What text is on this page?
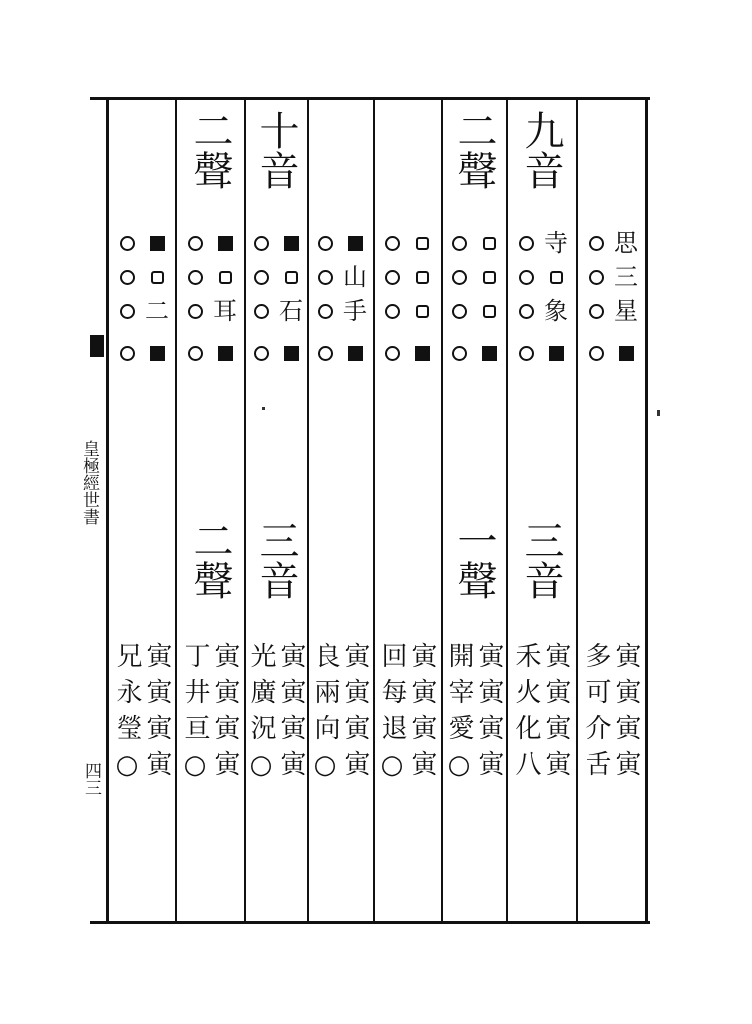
皇極經世書
四三
思
三
星
寅寅寅寅
多可介舌
九音
寺
象
三音
寅寅寅寅
禾火化八
二聲
一聲
寅寅寅寅
開宰愛○
寅寅寅寅
回每退○
山
手
寅寅寅寅
良兩向○
十音
石
三音
寅寅寅寅
光廣況○
二聲
耳
二聲
寅寅寅寅
丁井亘○
二
寅寅寅寅
兄永瑩○
